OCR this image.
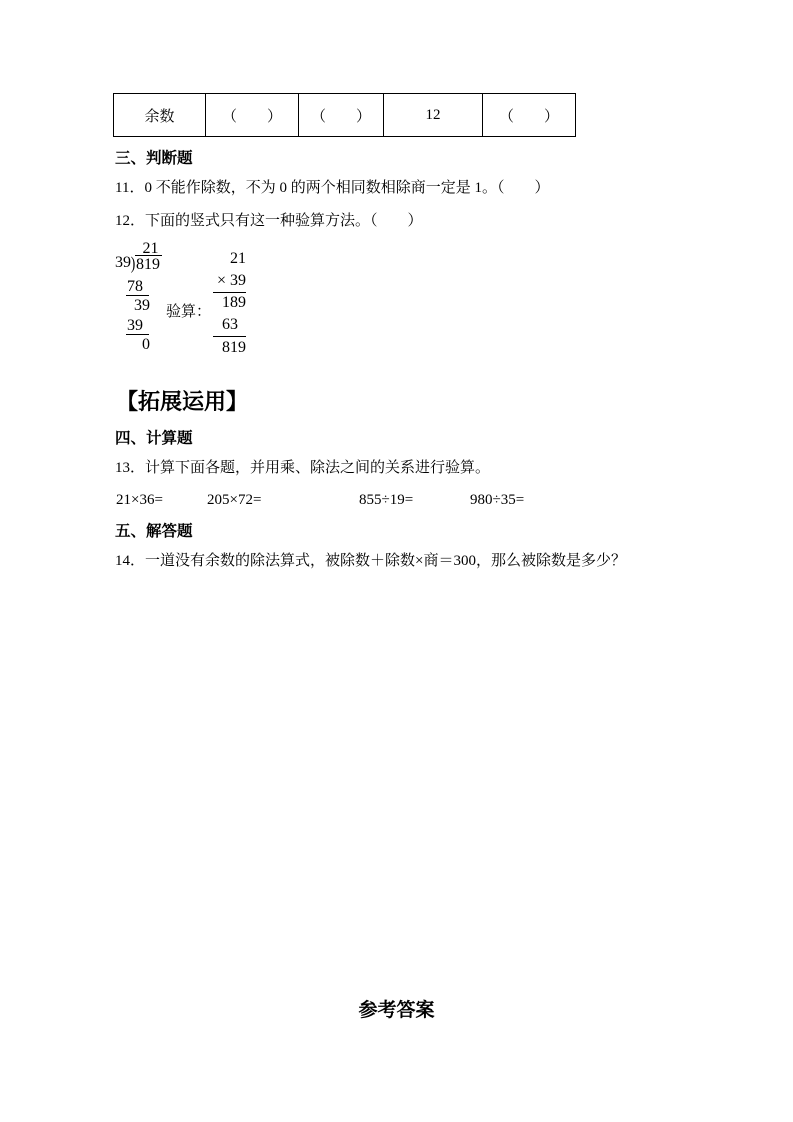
余数	（　　）	（　　）	12	（　　）
三、判断题
11．0 不能作除数，不为 0 的两个相同数相除商一定是 1。（　　）
12．下面的竖式只有这一种验算方法。（　　）
21
39 ) 819
78
39
39
0
验算：
21
× 39
189
63
819
【拓展运用】
四、计算题
13．计算下面各题，并用乘、除法之间的关系进行验算。
21×36=	205×72=	855÷19=	980÷35=
五、解答题
14．一道没有余数的除法算式，被除数＋除数×商＝300，那么被除数是多少？
参考答案
